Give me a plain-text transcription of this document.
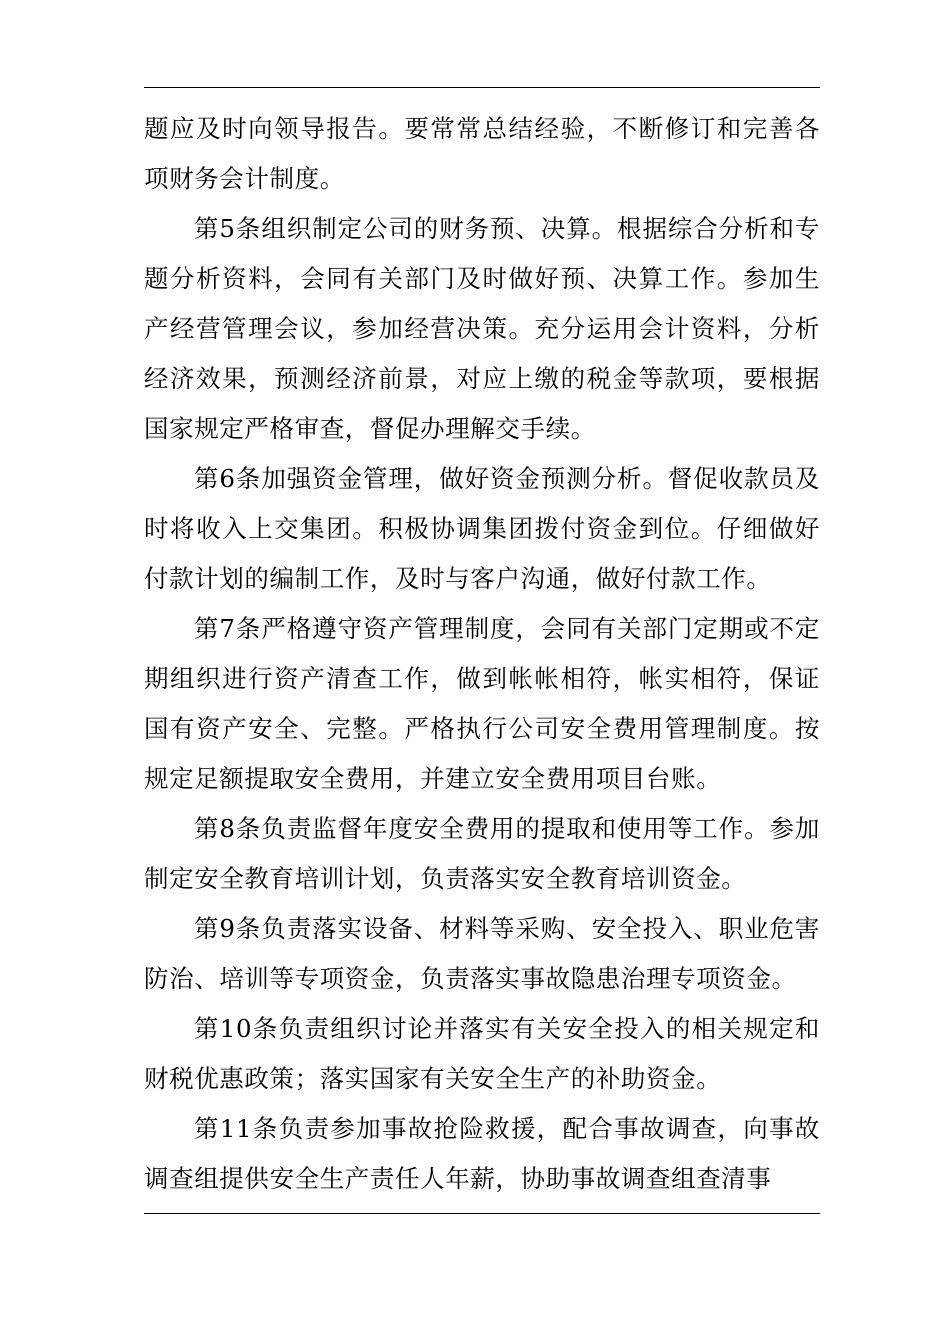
题应及时向领导报告。要常常总结经验，不断修订和完善各项财务会计制度。

第5条组织制定公司的财务预、决算。根据综合分析和专题分析资料，会同有关部门及时做好预、决算工作。参加生产经营管理会议，参加经营决策。充分运用会计资料，分析经济效果，预测经济前景，对应上缴的税金等款项，要根据国家规定严格审查，督促办理解交手续。

第6条加强资金管理，做好资金预测分析。督促收款员及时将收入上交集团。积极协调集团拨付资金到位。仔细做好付款计划的编制工作，及时与客户沟通，做好付款工作。

第7条严格遵守资产管理制度，会同有关部门定期或不定期组织进行资产清查工作，做到帐帐相符，帐实相符，保证国有资产安全、完整。严格执行公司安全费用管理制度。按规定足额提取安全费用，并建立安全费用项目台账。

第8条负责监督年度安全费用的提取和使用等工作。参加制定安全教育培训计划，负责落实安全教育培训资金。

第9条负责落实设备、材料等采购、安全投入、职业危害防治、培训等专项资金，负责落实事故隐患治理专项资金。

第10条负责组织讨论并落实有关安全投入的相关规定和财税优惠政策；落实国家有关安全生产的补助资金。

第11条负责参加事故抢险救援，配合事故调查，向事故调查组提供安全生产责任人年薪，协助事故调查组查清事
